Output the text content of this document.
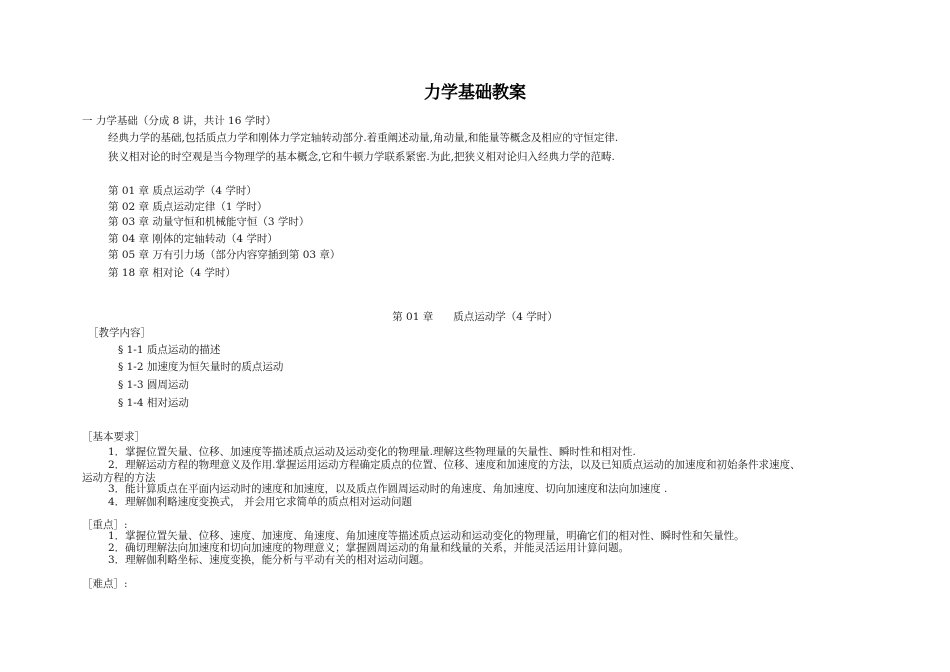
力学基础教案
一 力学基础（分成 8 讲，共计 16 学时）
经典力学的基础,包括质点力学和刚体力学定轴转动部分.着重阐述动量,角动量,和能量等概念及相应的守恒定律.
狭义相对论的时空观是当今物理学的基本概念,它和牛顿力学联系紧密.为此,把狭义相对论归入经典力学的范畴.
第 01 章 质点运动学（4 学时）
第 02 章 质点运动定律（1 学时）
第 03 章 动量守恒和机械能守恒（3 学时）
第 04 章 刚体的定轴转动（4 学时）
第 05 章 万有引力场（部分内容穿插到第 03 章）
第 18 章 相对论（4 学时）
第 01 章 质点运动学（4 学时）
［教学内容］
§ 1-1 质点运动的描述
§ 1-2 加速度为恒矢量时的质点运动
§ 1-3 圆周运动
§ 1-4 相对运动
［基本要求］
1．掌握位置矢量、位移、加速度等描述质点运动及运动变化的物理量.理解这些物理量的矢量性、瞬时性和相对性.
2．理解运动方程的物理意义及作用.掌握运用运动方程确定质点的位置、位移、速度和加速度的方法，以及已知质点运动的加速度和初始条件求速度、
运动方程的方法
3．能计算质点在平面内运动时的速度和加速度，以及质点作圆周运动时的角速度、角加速度、切向加速度和法向加速度 .
4．理解伽利略速度变换式， 并会用它求简单的质点相对运动问题
［重点］:
1．掌握位置矢量、位移、速度、加速度、角速度、角加速度等描述质点运动和运动变化的物理量，明确它们的相对性、瞬时性和矢量性。
2．确切理解法向加速度和切向加速度的物理意义；掌握圆周运动的角量和线量的关系，并能灵活运用计算问题。
3．理解伽利略坐标、速度变换，能分析与平动有关的相对运动问题。
［难点］:
